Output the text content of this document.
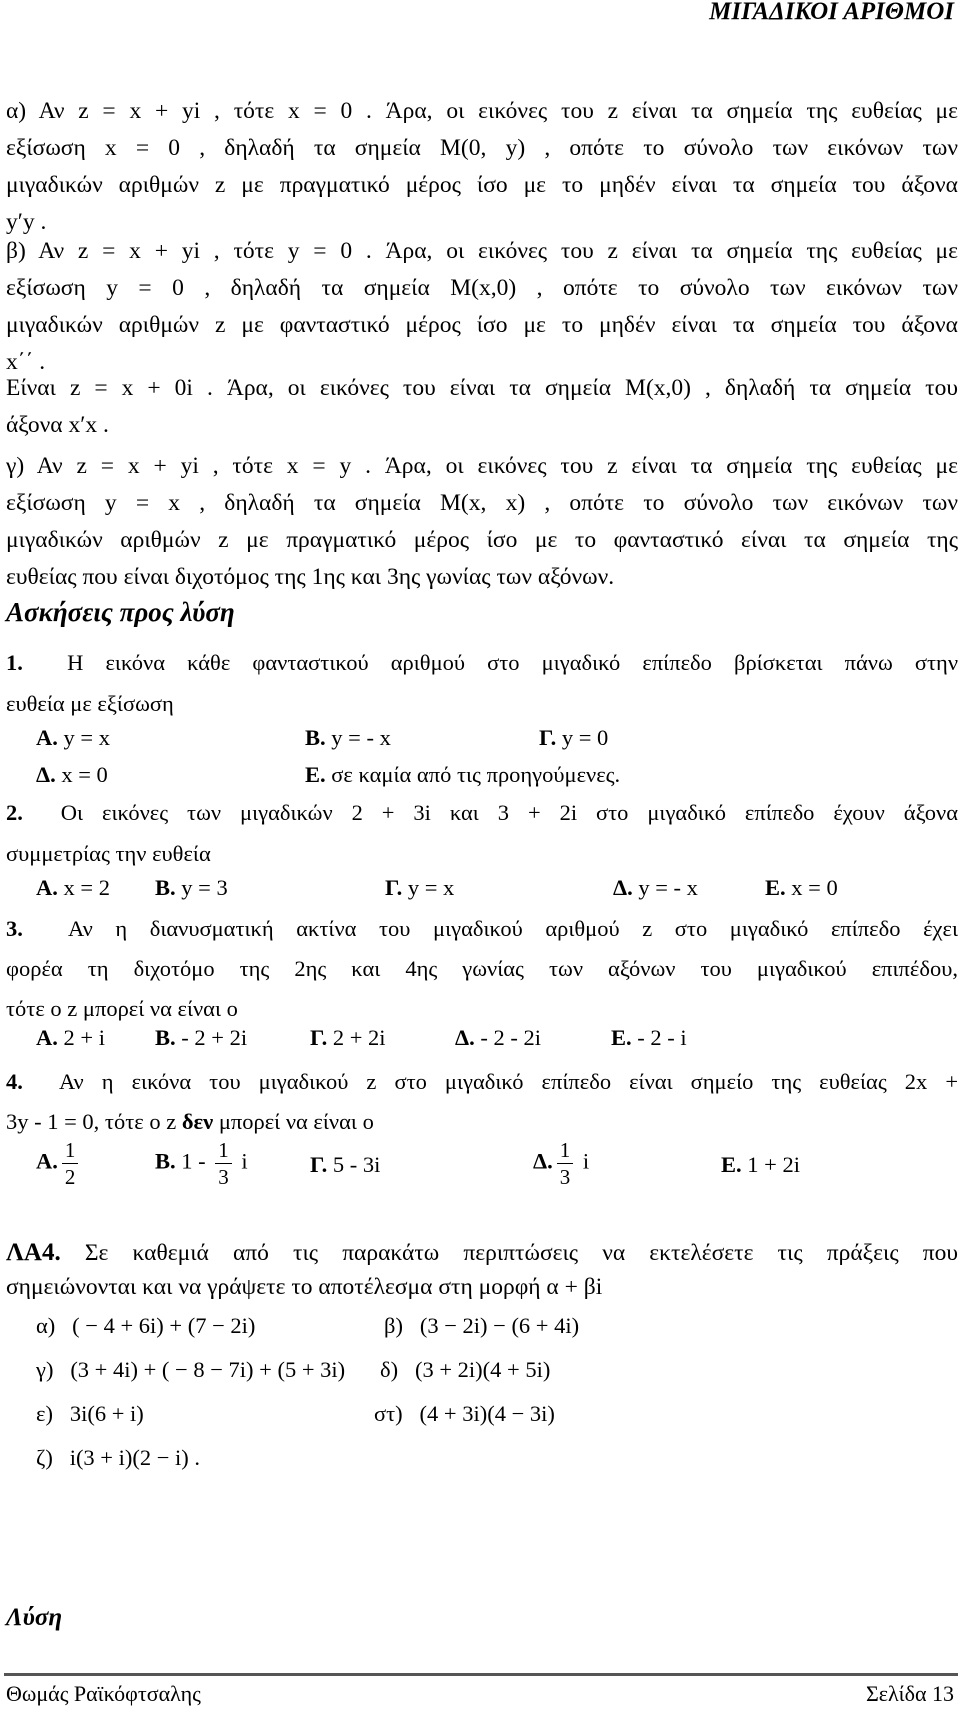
ΜΙΓΑΔΙΚΟΙ ΑΡΙΘΜΟΙ
α) Αν z = x + yi , τότε x = 0 . Άρα, οι εικόνες του z είναι τα σημεία της ευθείας με
εξίσωση x = 0 , δηλαδή τα σημεία M(0, y) , οπότε το σύνολο των εικόνων των
μιγαδικών αριθμών z με πραγματικό μέρος ίσο με το μηδέν είναι τα σημεία του άξονα
y′y .
β) Αν z = x + yi , τότε y = 0 . Άρα, οι εικόνες του z είναι τα σημεία της ευθείας με
εξίσωση y = 0 , δηλαδή τα σημεία M(x,0) , οπότε το σύνολο των εικόνων των
μιγαδικών αριθμών z με φανταστικό μέρος ίσο με το μηδέν είναι τα σημεία του άξονα
x΄΄ .
Είναι z = x + 0i . Άρα, οι εικόνες του είναι τα σημεία M(x,0) , δηλαδή τα σημεία του
άξονα x′x .
γ) Αν z = x + yi , τότε x = y . Άρα, οι εικόνες του z είναι τα σημεία της ευθείας με
εξίσωση y = x , δηλαδή τα σημεία M(x, x) , οπότε το σύνολο των εικόνων των
μιγαδικών αριθμών z με πραγματικό μέρος ίσο με το φανταστικό είναι τα σημεία της
ευθείας που είναι διχοτόμος της 1ης και 3ης γωνίας των αξόνων.
Ασκήσεις προς λύση
1. Η εικόνα κάθε φανταστικού αριθμού στο μιγαδικό επίπεδο βρίσκεται πάνω στην
ευθεία με εξίσωση
Α. y = x	Β. y = - x	Γ. y = 0
Δ. x = 0	Ε. σε καμία από τις προηγούμενες.
2. Οι εικόνες των μιγαδικών 2 + 3i και 3 + 2i στο μιγαδικό επίπεδο έχουν άξονα
συμμετρίας την ευθεία
Α. x = 2 Β. y = 3	Γ. y = x	Δ. y = - x	Ε. x = 0
3. Αν η διανυσματική ακτίνα του μιγαδικού αριθμού z στο μιγαδικό επίπεδο έχει
φορέα τη διχοτόμο της 2ης και 4ης γωνίας των αξόνων του μιγαδικού επιπέδου,
τότε ο z μπορεί να είναι ο
Α. 2 + i Β. - 2 + 2i	Γ. 2 + 2i	Δ. - 2 - 2i	Ε. - 2 - i
4. Αν η εικόνα του μιγαδικού z στο μιγαδικό επίπεδο είναι σημείο της ευθείας 2x +
3y - 1 = 0, τότε ο z δεν μπορεί να είναι ο
Α. $\frac{1}{2}$	Β. $1 - \frac{1}{3}$ i	Γ. 5 - 3i	Δ. $\frac{1}{3}$ i	Ε. 1 + 2i
ΛΑ4. Σε καθεμιά από τις παρακάτω περιπτώσεις να εκτελέσετε τις πράξεις που
σημειώνονται και να γράψετε το αποτέλεσμα στη μορφή α + βi
α) ( − 4 + 6i) + (7 − 2i)	β) (3 − 2i) − (6 + 4i)
γ) (3 + 4i) + ( − 8 − 7i) + (5 + 3i) δ) (3 + 2i)(4 + 5i)
ε) 3i(6 + i)	στ) (4 + 3i)(4 − 3i)
ζ) i(3 + i)(2 − i) .
Λύση
Θωμάς Ραϊκόφτσαλης	Σελίδα 13
